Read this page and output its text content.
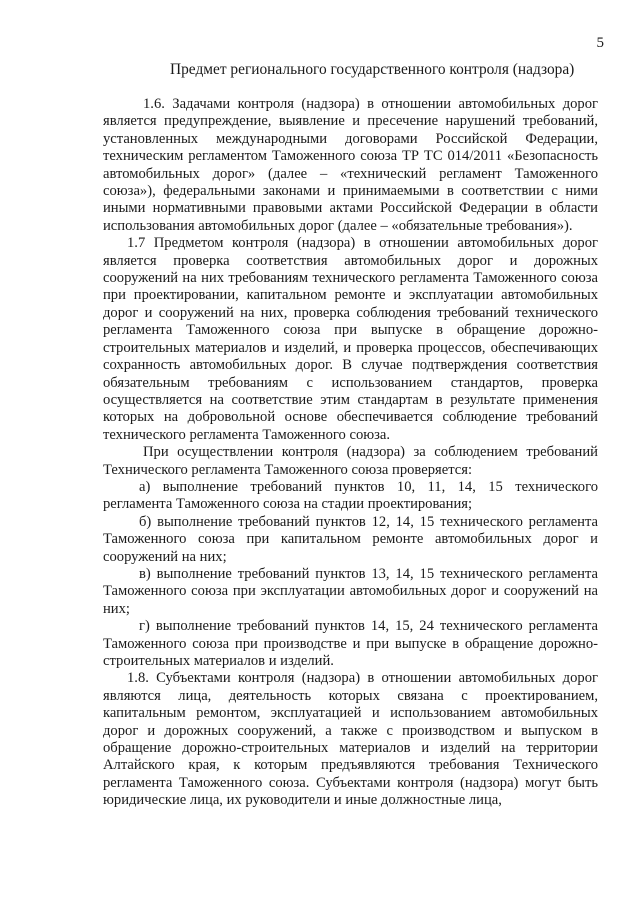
5
Предмет регионального государственного контроля (надзора)

1.6. Задачами контроля (надзора) в отношении автомобильных дорог является предупреждение, выявление и пресечение нарушений требований, установленных международными договорами Российской Федерации, техническим регламентом Таможенного союза ТР ТС 014/2011 «Безопасность автомобильных дорог» (далее – «технический регламент Таможенного союза»), федеральными законами и принимаемыми в соответствии с ними иными нормативными правовыми актами Российской Федерации в области использования автомобильных дорог (далее – «обязательные требования»).

1.7 Предметом контроля (надзора) в отношении автомобильных дорог является проверка соответствия автомобильных дорог и дорожных сооружений на них требованиям технического регламента Таможенного союза при проектировании, капитальном ремонте и эксплуатации автомобильных дорог и сооружений на них, проверка соблюдения требований технического регламента Таможенного союза при выпуске в обращение дорожно-строительных материалов и изделий, и проверка процессов, обеспечивающих сохранность автомобильных дорог. В случае подтверждения соответствия обязательным требованиям с использованием стандартов, проверка осуществляется на соответствие этим стандартам в результате применения которых на добровольной основе обеспечивается соблюдение требований технического регламента Таможенного союза.

При осуществлении контроля (надзора) за соблюдением требований Технического регламента Таможенного союза проверяется:

а) выполнение требований пунктов 10, 11, 14, 15 технического регламента Таможенного союза на стадии проектирования;

б) выполнение требований пунктов 12, 14, 15 технического регламента Таможенного союза при капитальном ремонте автомобильных дорог и сооружений на них;

в) выполнение требований пунктов 13, 14, 15 технического регламента Таможенного союза при эксплуатации автомобильных дорог и сооружений на них;

г) выполнение требований пунктов 14, 15, 24 технического регламента Таможенного союза при производстве и при выпуске в обращение дорожно-строительных материалов и изделий.

1.8. Субъектами контроля (надзора) в отношении автомобильных дорог являются лица, деятельность которых связана с проектированием, капитальным ремонтом, эксплуатацией и использованием автомобильных дорог и дорожных сооружений, а также с производством и выпуском в обращение дорожно-строительных материалов и изделий на территории Алтайского края, к которым предъявляются требования Технического регламента Таможенного союза. Субъектами контроля (надзора) могут быть юридические лица, их руководители и иные должностные лица,
